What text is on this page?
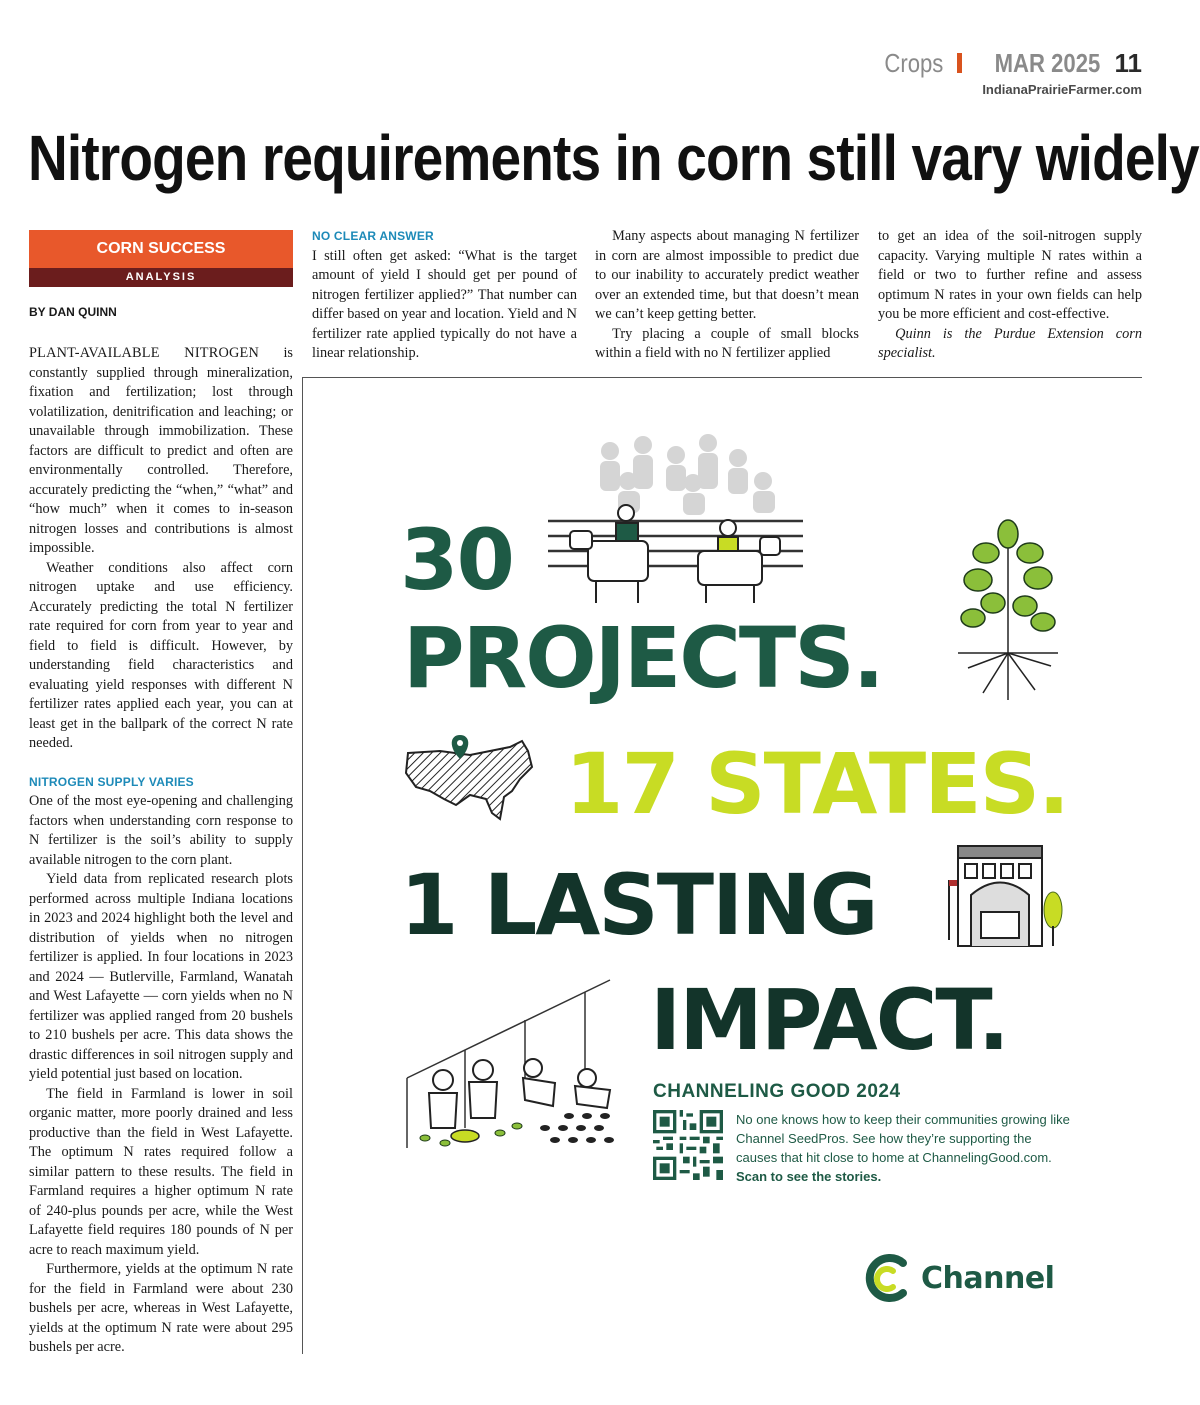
Crops MAR 2025 11
IndianaPrairieFarmer.com
Nitrogen requirements in corn still vary widely
CORN SUCCESS
ANALYSIS
BY DAN QUINN

PLANT-AVAILABLE NITROGEN is constantly supplied through mineralization, fixation and fertilization; lost through volatilization, denitrification and leaching; or unavailable through immobilization. These factors are difficult to predict and often are environmentally controlled. Therefore, accurately predicting the “when,” “what” and “how much” when it comes to in-season nitrogen losses and contributions is almost impossible.

Weather conditions also affect corn nitrogen uptake and use efficiency. Accurately predicting the total N fertilizer rate required for corn from year to year and field to field is difficult. However, by understanding field characteristics and evaluating yield responses with different N fertilizer rates applied each year, you can at least get in the ballpark of the correct N rate needed.

NITROGEN SUPPLY VARIES

One of the most eye-opening and challenging factors when understanding corn response to N fertilizer is the soil’s ability to supply available nitrogen to the corn plant.

Yield data from replicated research plots performed across multiple Indiana locations in 2023 and 2024 highlight both the level and distribution of yields when no nitrogen fertilizer is applied. In four locations in 2023 and 2024 — Butlerville, Farmland, Wanatah and West Lafayette — corn yields when no N fertilizer was applied ranged from 20 bushels to 210 bushels per acre. This data shows the drastic differences in soil nitrogen supply and yield potential just based on location.

The field in Farmland is lower in soil organic matter, more poorly drained and less productive than the field in West Lafayette. The optimum N rates required follow a similar pattern to these results. The field in Farmland requires a higher optimum N rate of 240-plus pounds per acre, while the West Lafayette field requires 180 pounds of N per acre to reach maximum yield.

Furthermore, yields at the optimum N rate for the field in Farmland were about 230 bushels per acre, whereas in West Lafayette, yields at the optimum N rate were about 295 bushels per acre.

NO CLEAR ANSWER

I still often get asked: “What is the target amount of yield I should get per pound of nitrogen fertilizer applied?” That number can differ based on year and location. Yield and N fertilizer rate applied typically do not have a linear relationship.

Many aspects about managing N fertilizer in corn are almost impossible to predict due to our inability to accurately predict weather over an extended time, but that doesn’t mean we can’t keep getting better.

Try placing a couple of small blocks within a field with no N fertilizer applied

to get an idea of the soil-nitrogen supply capacity. Varying multiple N rates within a field or two to further refine and assess optimum N rates in your own fields can help you be more efficient and cost-effective.

Quinn is the Purdue Extension corn specialist.

30
PROJECTS.
17 STATES.
1 LASTING
IMPACT.
CHANNELING GOOD 2024
No one knows how to keep their communities growing like Channel SeedPros. See how they’re supporting the causes that hit close to home at ChannelingGood.com.
Scan to see the stories.
Channel
